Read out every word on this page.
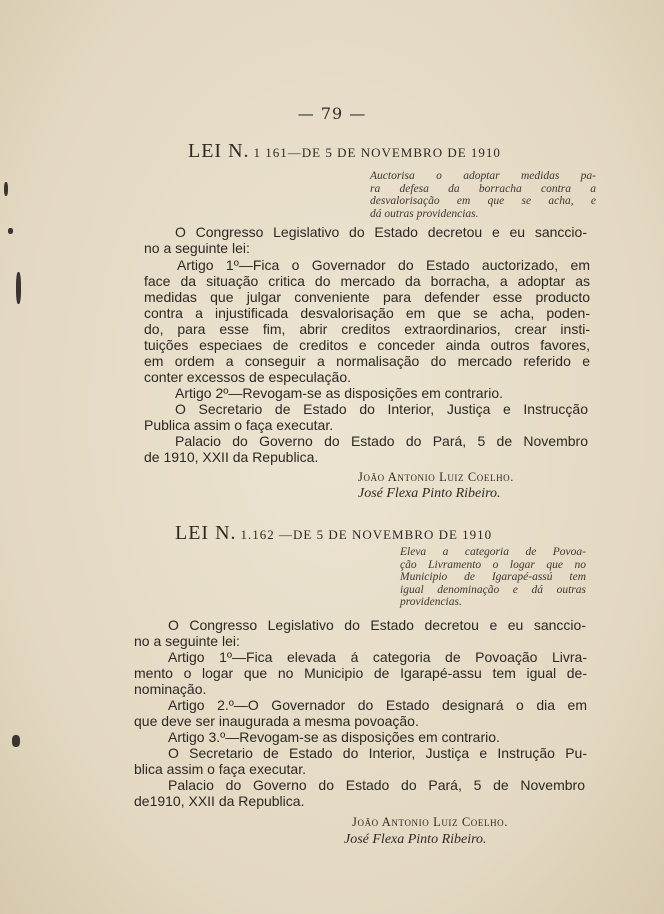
— 79 —
LEI N. 1 161—DE 5 DE NOVEMBRO DE 1910
Auctorisa o adoptar medidas pa-
ra defesa da borracha contra a
desvalorisação em que se acha, e
dá outras providencias.
O Congresso Legislativo do Estado decretou e eu sanccio-
no a seguinte lei:
Artigo 1º—Fica o Governador do Estado auctorizado, em
face da situação critica do mercado da borracha, a adoptar as
medidas que julgar conveniente para defender esse producto
contra a injustificada desvalorisação em que se acha, poden-
do, para esse fim, abrir creditos extraordinarios, crear insti-
tuições especiaes de creditos e conceder ainda outros favores,
em ordem a conseguir a normalisação do mercado referido e
conter excessos de especulação.
Artigo 2º—Revogam-se as disposições em contrario.
O Secretario de Estado do Interior, Justiça e Instrucção
Publica assim o faça executar.
Palacio do Governo do Estado do Pará, 5 de Novembro
de 1910, XXII da Republica.
João Antonio Luiz Coelho.
José Flexa Pinto Ribeiro.
LEI N. 1.162 —DE 5 DE NOVEMBRO DE 1910
Eleva a categoria de Povoa-
ção Livramento o logar que no
Municipio de Igarapé-assú tem
igual denominação e dá outras
providencias.
O Congresso Legislativo do Estado decretou e eu sanccio-
no a seguinte lei:
Artigo 1º—Fica elevada á categoria de Povoação Livra-
mento o logar que no Municipio de Igarapé-assu tem igual de-
nominação.
Artigo 2.º—O Governador do Estado designará o dia em
que deve ser inaugurada a mesma povoação.
Artigo 3.º—Revogam-se as disposições em contrario.
O Secretario de Estado do Interior, Justiça e Instrução Pu-
blica assim o faça executar.
Palacio do Governo do Estado do Pará, 5 de Novembro
de1910, XXII da Republica.
João Antonio Luiz Coelho.
José Flexa Pinto Ribeiro.
